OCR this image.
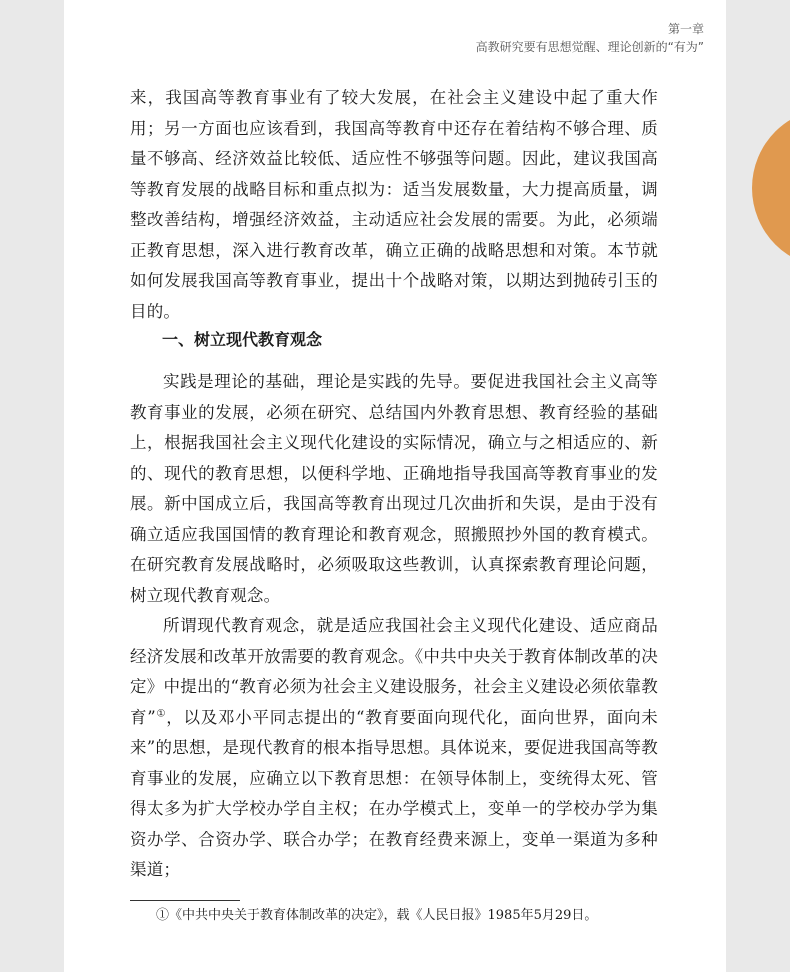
第一章
高教研究要有思想觉醒、理论创新的“有为”

来，我国高等教育事业有了较大发展，在社会主义建设中起了重大作用；另一方面也应该看到，我国高等教育中还存在着结构不够合理、质量不够高、经济效益比较低、适应性不够强等问题。因此，建议我国高等教育发展的战略目标和重点拟为：适当发展数量，大力提高质量，调整改善结构，增强经济效益，主动适应社会发展的需要。为此，必须端正教育思想，深入进行教育改革，确立正确的战略思想和对策。本节就如何发展我国高等教育事业，提出十个战略对策，以期达到抛砖引玉的目的。

一、树立现代教育观念

实践是理论的基础，理论是实践的先导。要促进我国社会主义高等教育事业的发展，必须在研究、总结国内外教育思想、教育经验的基础上，根据我国社会主义现代化建设的实际情况，确立与之相适应的、新的、现代的教育思想，以便科学地、正确地指导我国高等教育事业的发展。新中国成立后，我国高等教育出现过几次曲折和失误，是由于没有确立适应我国国情的教育理论和教育观念，照搬照抄外国的教育模式。在研究教育发展战略时，必须吸取这些教训，认真探索教育理论问题，树立现代教育观念。

所谓现代教育观念，就是适应我国社会主义现代化建设、适应商品经济发展和改革开放需要的教育观念。《中共中央关于教育体制改革的决定》中提出的“教育必须为社会主义建设服务，社会主义建设必须依靠教育”①，以及邓小平同志提出的“教育要面向现代化，面向世界，面向未来”的思想，是现代教育的根本指导思想。具体说来，要促进我国高等教育事业的发展，应确立以下教育思想：在领导体制上，变统得太死、管得太多为扩大学校办学自主权；在办学模式上，变单一的学校办学为集资办学、合资办学、联合办学；在教育经费来源上，变单一渠道为多种渠道；

①《中共中央关于教育体制改革的决定》，载《人民日报》1985年5月29日。
